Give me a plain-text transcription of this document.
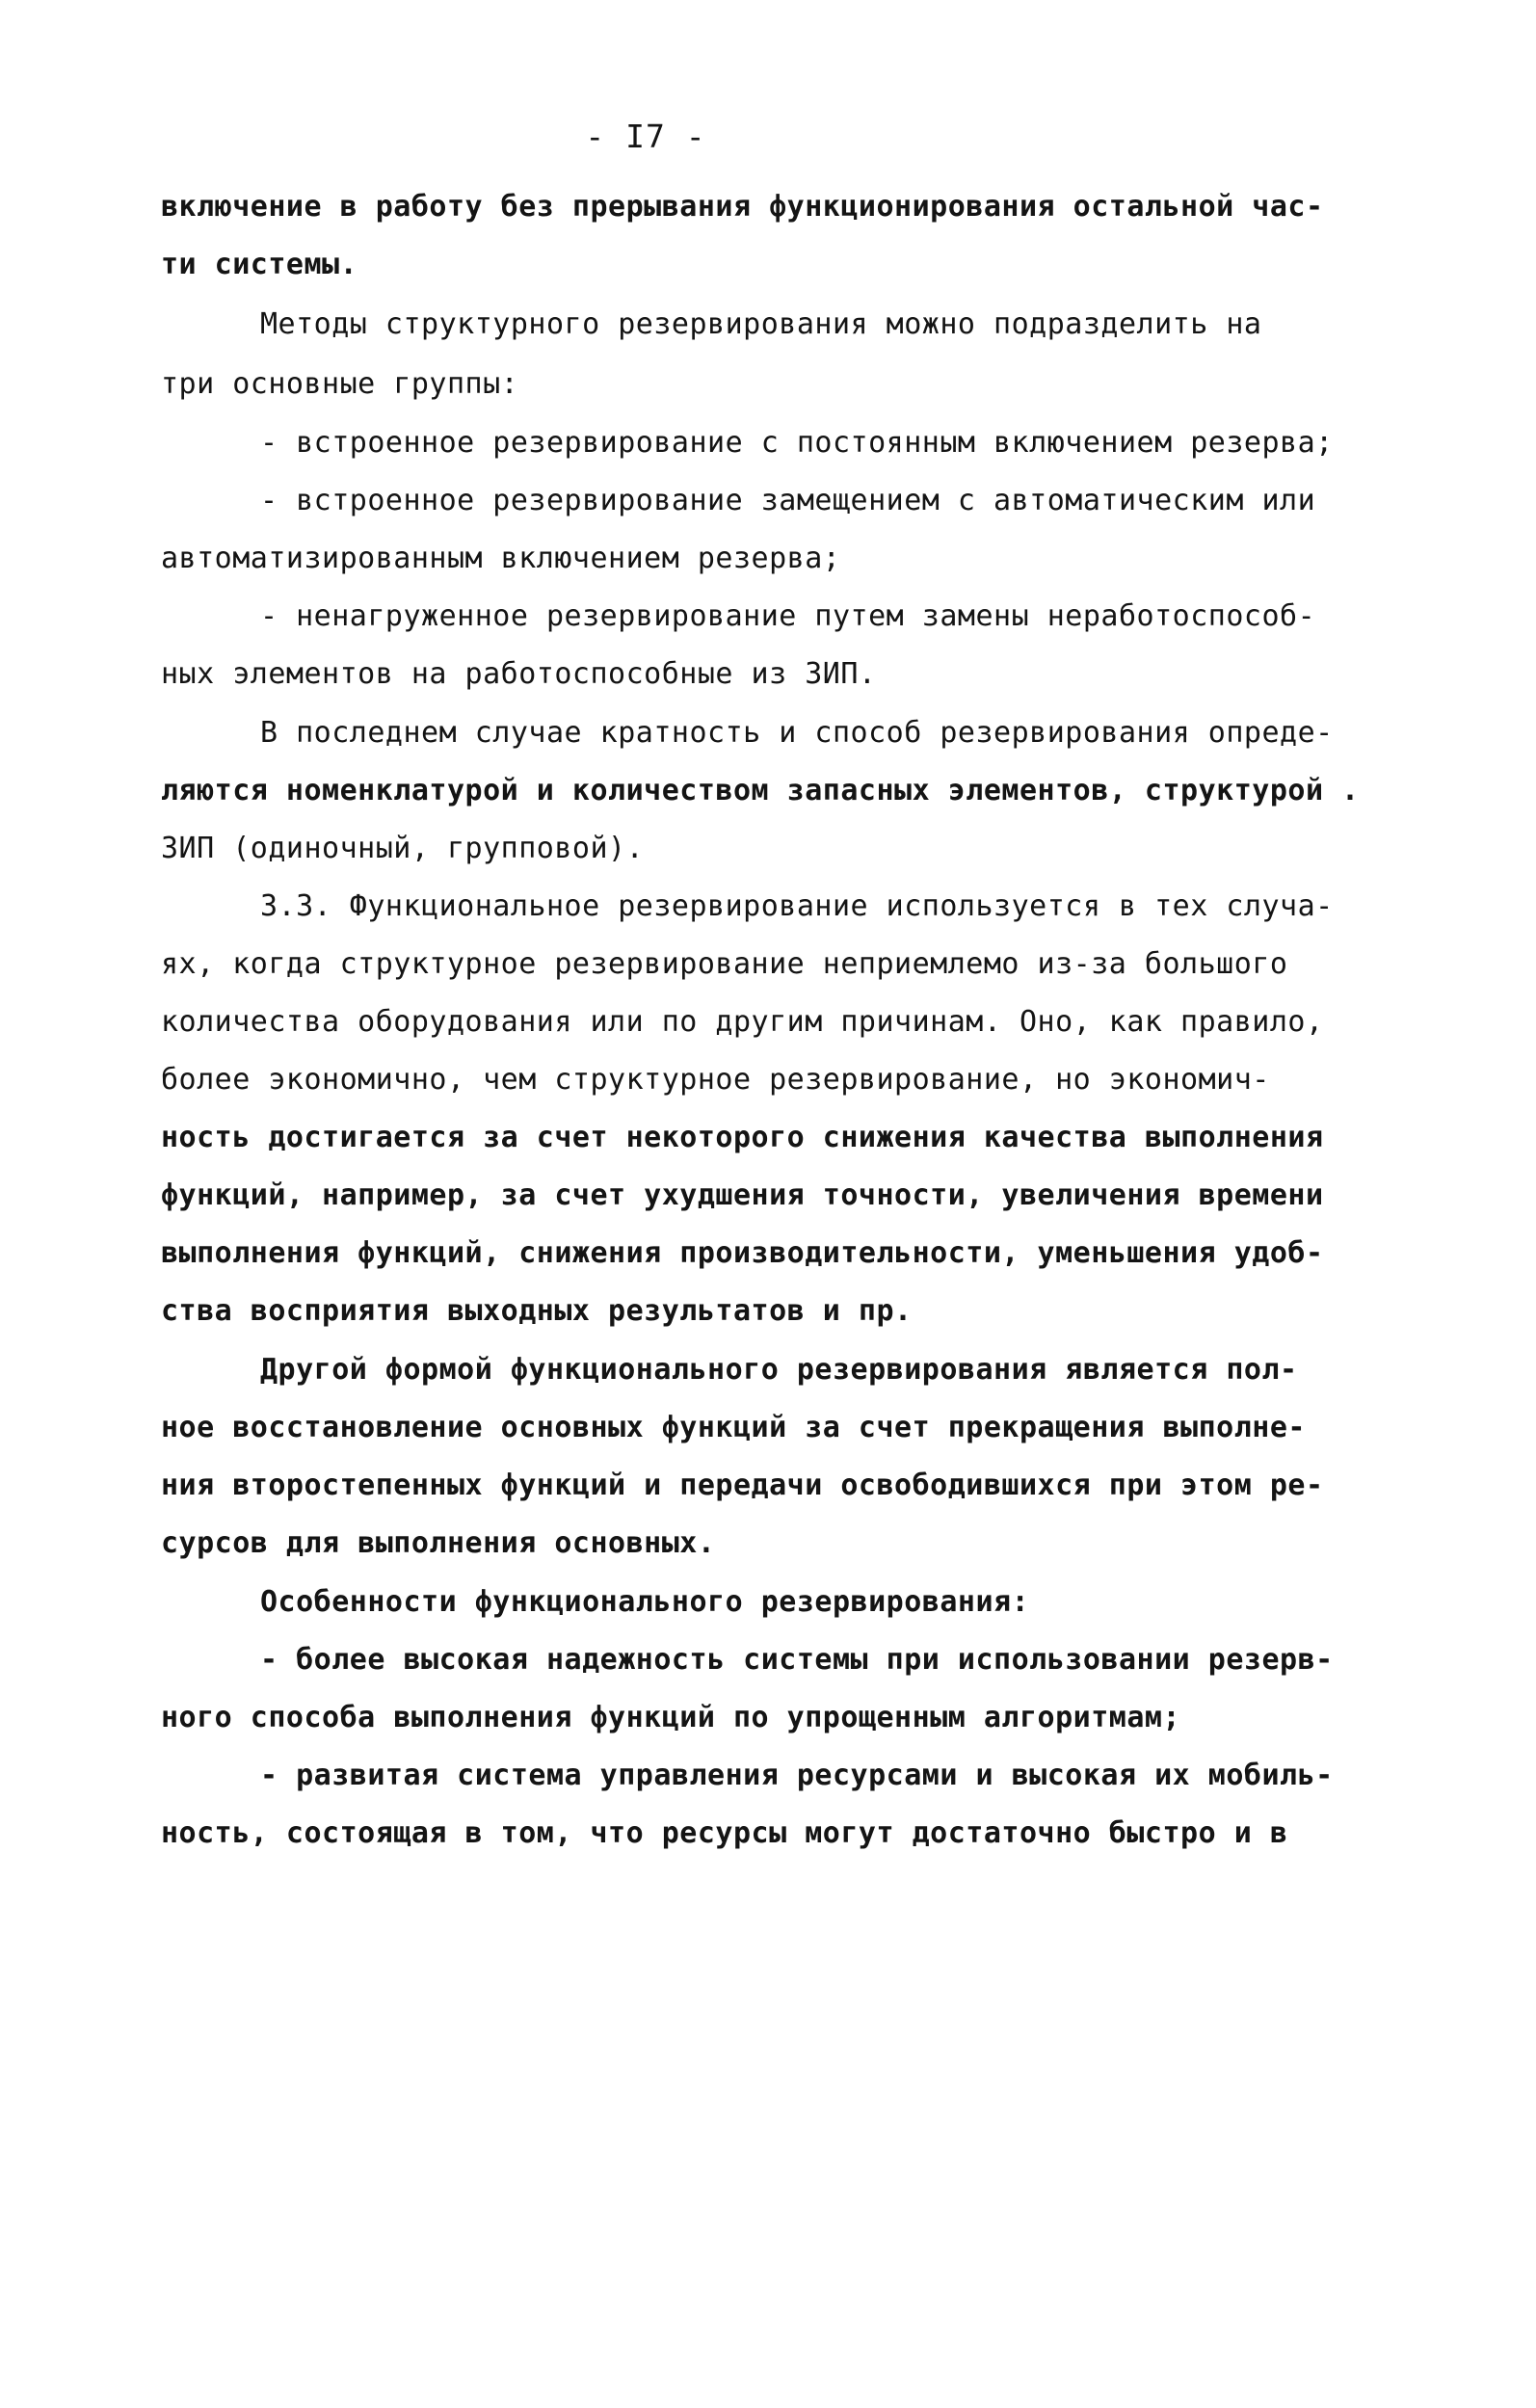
- I7 -
включение в работу без прерывания функционирования остальной час-
ти системы.
Методы структурного резервирования можно подразделить на
три основные группы:
- встроенное резервирование с постоянным включением резерва;
- встроенное резервирование замещением с автоматическим или
автоматизированным включением резерва;
- ненагруженное резервирование путем замены неработоспособ-
ных элементов на работоспособные из ЗИП.
В последнем случае кратность и способ резервирования опреде-
ляются номенклатурой и количеством запасных элементов, структурой .
ЗИП (одиночный, групповой).
3.3. Функциональное резервирование используется в тех случа-
ях, когда структурное резервирование неприемлемо из-за большого
количества оборудования или по другим причинам. Оно, как правило,
более экономично, чем структурное резервирование, но экономич-
ность достигается за счет некоторого снижения качества выполнения
функций, например, за счет ухудшения точности, увеличения времени
выполнения функций, снижения производительности, уменьшения удоб-
ства восприятия выходных результатов и пр.
Другой формой функционального резервирования является пол-
ное восстановление основных функций за счет прекращения выполне-
ния второстепенных функций и передачи освободившихся при этом ре-
сурсов для выполнения основных.
Особенности функционального резервирования:
- более высокая надежность системы при использовании резерв-
ного способа выполнения функций по упрощенным алгоритмам;
- развитая система управления ресурсами и высокая их мобиль-
ность, состоящая в том, что ресурсы могут достаточно быстро и в
